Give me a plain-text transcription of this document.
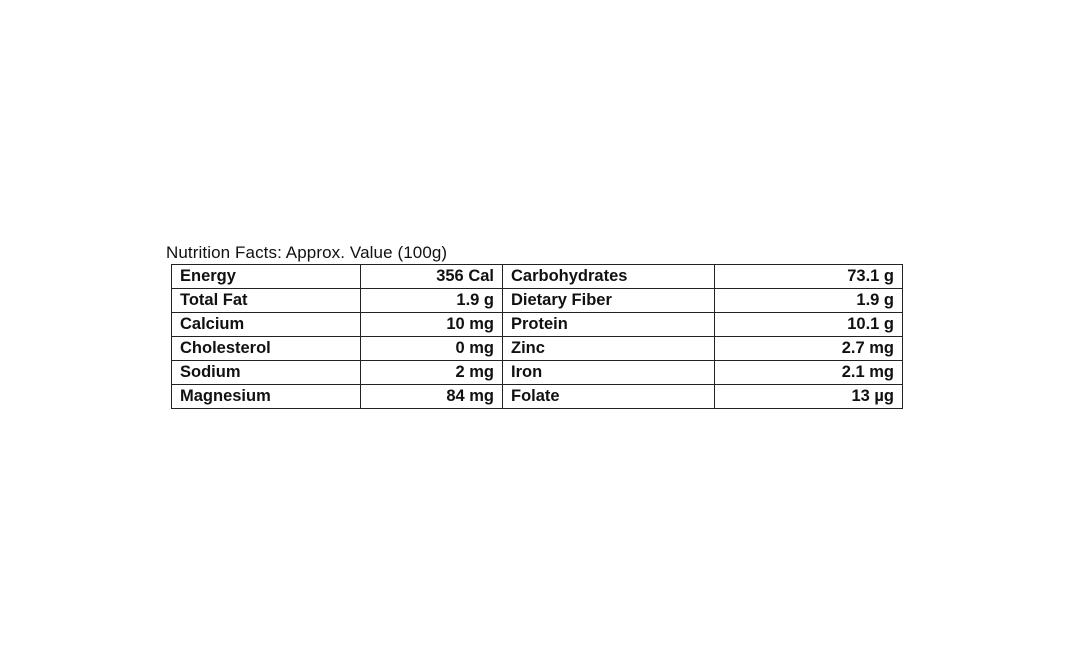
Nutrition Facts: Approx. Value (100g)
Energy	356 Cal	Carbohydrates	73.1 g
Total Fat	1.9 g	Dietary Fiber	1.9 g
Calcium	10 mg	Protein	10.1 g
Cholesterol	0 mg	Zinc	2.7 mg
Sodium	2 mg	Iron	2.1 mg
Magnesium	84 mg	Folate	13 µg
